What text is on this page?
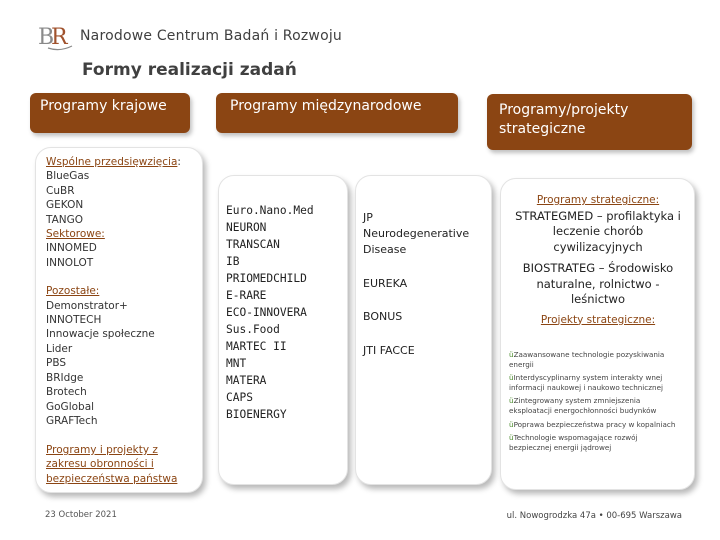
B
R Narodowe Centrum Badań i Rozwoju
Formy realizacji zadań
Programy krajowe	Programy międzynarodowe	Programy/projekty strategiczne
Wspólne przedsięwzięcia:
BlueGas
CuBR
GEKON
TANGO
Sektorowe:
INNOMED
INNOLOT
Pozostałe:
Demonstrator+
INNOTECH
Innowacje społeczne
Lider
PBS
BRIdge
Brotech
GoGlobal
GRAFTech
Programy i projekty z
zakresu obronności i
bezpieczeństwa państwa
Euro.Nano.Med
NEURON
TRANSCAN
IB
PRIOMEDCHILD
E-RARE
ECO-INNOVERA
Sus.Food
MARTEC II
MNT
MATERA
CAPS
BIOENERGY
JP
Neurodegenerative
Disease
EUREKA
BONUS
JTI FACCE
Programy strategiczne:
STRATEGMED – profilaktyka i
leczenie chorób
cywilizacyjnych
BIOSTRATEG – Środowisko
naturalne, rolnictwo -
leśnictwo
Projekty strategiczne:
üZaawansowane technologie pozyskiwania
energii
üInterdyscyplinarny system interakty wnej
informacji naukowej i naukowo technicznej
üZintegrowany system zmniejszenia
eksploatacji energochłonności budynków
üPoprawa bezpieczeństwa pracy w kopalniach
üTechnologie wspomagające rozwój
bezpiecznej energii jądrowej
23 October 2021	ul. Nowogrodzka 47a • 00-695 Warszawa
